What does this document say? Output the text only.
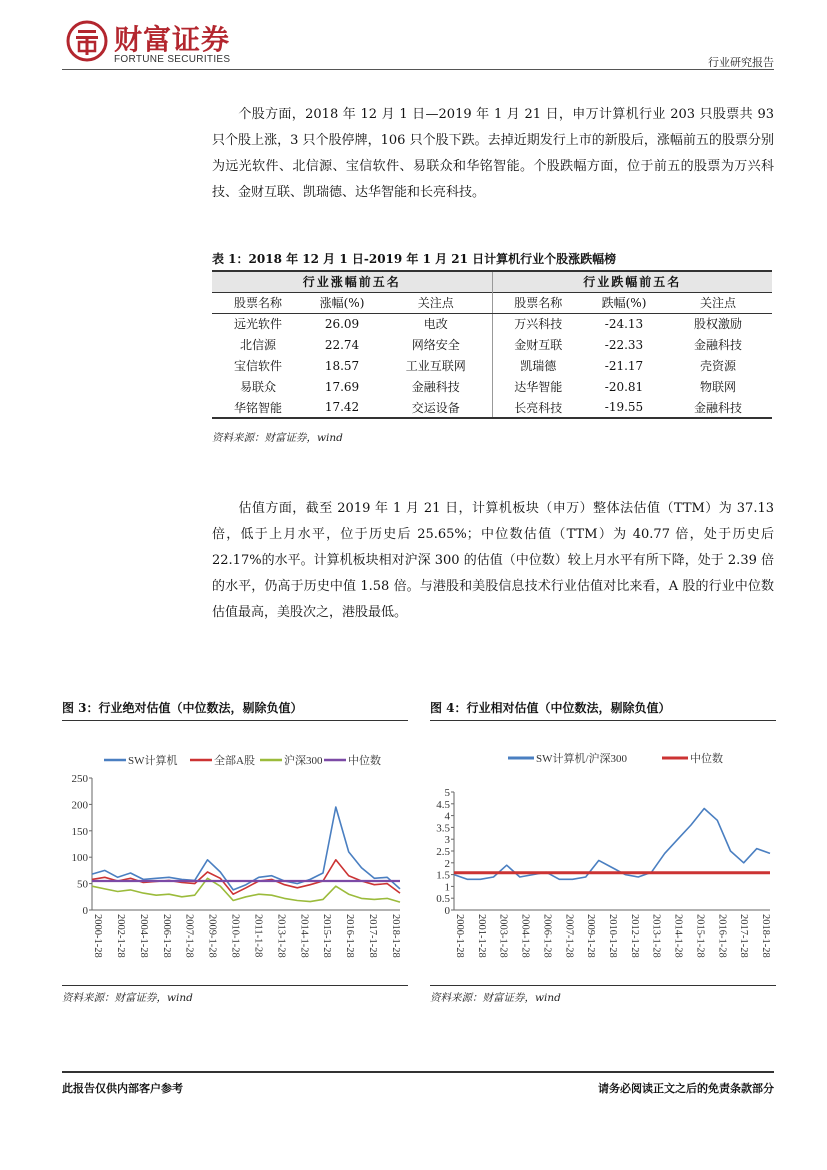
财富证券
FORTUNE SECURITIES	行业研究报告
个股方面，2018 年 12 月 1 日—2019 年 1 月 21 日，申万计算机行业 203 只股票共 93 只个股上涨，3 只个股停牌，106 只个股下跌。去掉近期发行上市的新股后，涨幅前五的股票分别为远光软件、北信源、宝信软件、易联众和华铭智能。个股跌幅方面，位于前五的股票为万兴科技、金财互联、凯瑞德、达华智能和长亮科技。
表 1：2018 年 12 月 1 日-2019 年 1 月 21 日计算机行业个股涨跌幅榜
行业涨幅前五名			行业跌幅前五名		
股票名称	涨幅(%)	关注点	股票名称	跌幅(%)	关注点
远光软件	26.09	电改	万兴科技	-24.13	股权激励
北信源	22.74	网络安全	金财互联	-22.33	金融科技
宝信软件	18.57	工业互联网	凯瑞德	-21.17	壳资源
易联众	17.69	金融科技	达华智能	-20.81	物联网
华铭智能	17.42	交运设备	长亮科技	-19.55	金融科技
资料来源：财富证券，wind
估值方面，截至 2019 年 1 月 21 日，计算机板块（申万）整体法估值（TTM）为 37.13 倍，低于上月水平，位于历史后 25.65%；中位数估值（TTM）为 40.77 倍，处于历史后 22.17%的水平。计算机板块相对沪深 300 的估值（中位数）较上月水平有所下降，处于 2.39 倍的水平，仍高于历史中值 1.58 倍。与港股和美股信息技术行业估值对比来看，A 股的行业中位数估值最高，美股次之，港股最低。
图 3：行业绝对估值（中位数法，剔除负值）
SW计算机	全部A股	沪深300 中位数
0
50
100
150
200
250
2000-1-28 2002-1-28 2004-1-28 2006-1-28 2007-1-28 2009-1-28 2010-1-28 2011-1-28 2013-1-28 2014-1-28 2015-1-28 2016-1-28 2017-1-28 2018-1-28
资料来源：财富证券，wind
图 4：行业相对估值（中位数法，剔除负值）
SW计算机/沪深300	中位数
0
0.5
1
1.5
2
2.5
3
3.5
4
4.5
5
2000-1-28 2001-1-28 2003-1-28 2004-1-28 2006-1-28 2007-1-28 2009-1-28 2010-1-28 2012-1-28 2013-1-28 2014-1-28 2015-1-28 2016-1-28 2017-1-28 2018-1-28
资料来源：财富证券，wind
此报告仅供内部客户参考	请务必阅读正文之后的免责条款部分
